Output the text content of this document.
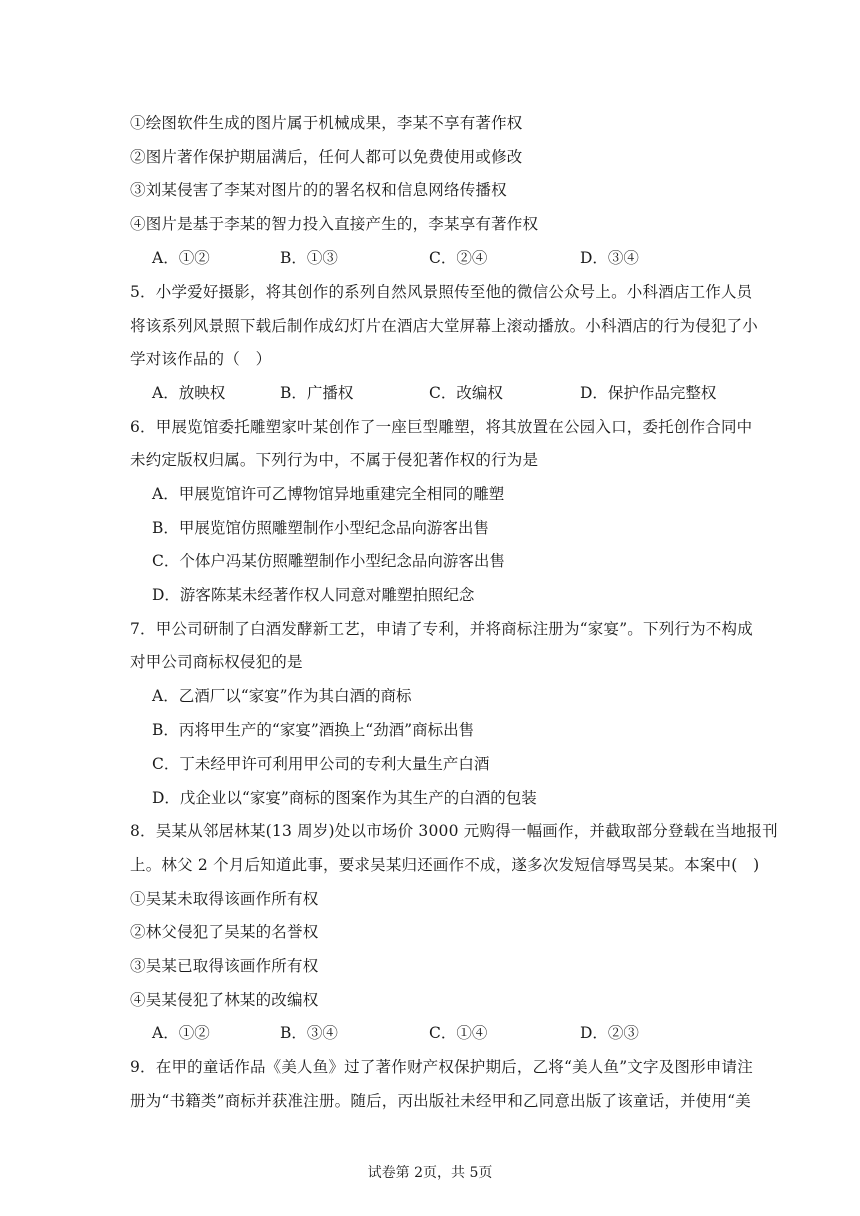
①绘图软件生成的图片属于机械成果，李某不享有著作权
②图片著作保护期届满后，任何人都可以免费使用或修改
③刘某侵害了李某对图片的的署名权和信息网络传播权
④图片是基于李某的智力投入直接产生的，李某享有著作权
A．①②	B．①③	C．②④	D．③④
5．小学爱好摄影，将其创作的系列自然风景照传至他的微信公众号上。小科酒店工作人员
将该系列风景照下载后制作成幻灯片在酒店大堂屏幕上滚动播放。小科酒店的行为侵犯了小
学对该作品的（　）
A．放映权	B．广播权	C．改编权	D．保护作品完整权
6．甲展览馆委托雕塑家叶某创作了一座巨型雕塑，将其放置在公园入口，委托创作合同中
未约定版权归属。下列行为中，不属于侵犯著作权的行为是
A．甲展览馆许可乙博物馆异地重建完全相同的雕塑
B．甲展览馆仿照雕塑制作小型纪念品向游客出售
C．个体户冯某仿照雕塑制作小型纪念品向游客出售
D．游客陈某未经著作权人同意对雕塑拍照纪念
7．甲公司研制了白酒发酵新工艺，申请了专利，并将商标注册为“家宴”。下列行为不构成
对甲公司商标权侵犯的是
A．乙酒厂以“家宴”作为其白酒的商标
B．丙将甲生产的“家宴”酒换上“劲酒”商标出售
C．丁未经甲许可利用甲公司的专利大量生产白酒
D．戊企业以“家宴”商标的图案作为其生产的白酒的包装
8．吴某从邻居林某(13 周岁)处以市场价 3000 元购得一幅画作，并截取部分登载在当地报刊
上。林父 2 个月后知道此事，要求吴某归还画作不成，遂多次发短信辱骂吴某。本案中(　)
①吴某未取得该画作所有权
②林父侵犯了吴某的名誉权
③吴某已取得该画作所有权
④吴某侵犯了林某的改编权
A．①②	B．③④	C．①④	D．②③
9．在甲的童话作品《美人鱼》过了著作财产权保护期后，乙将“美人鱼”文字及图形申请注
册为“书籍类”商标并获准注册。随后，丙出版社未经甲和乙同意出版了该童话，并使用“美
试卷第 2页，共 5页
